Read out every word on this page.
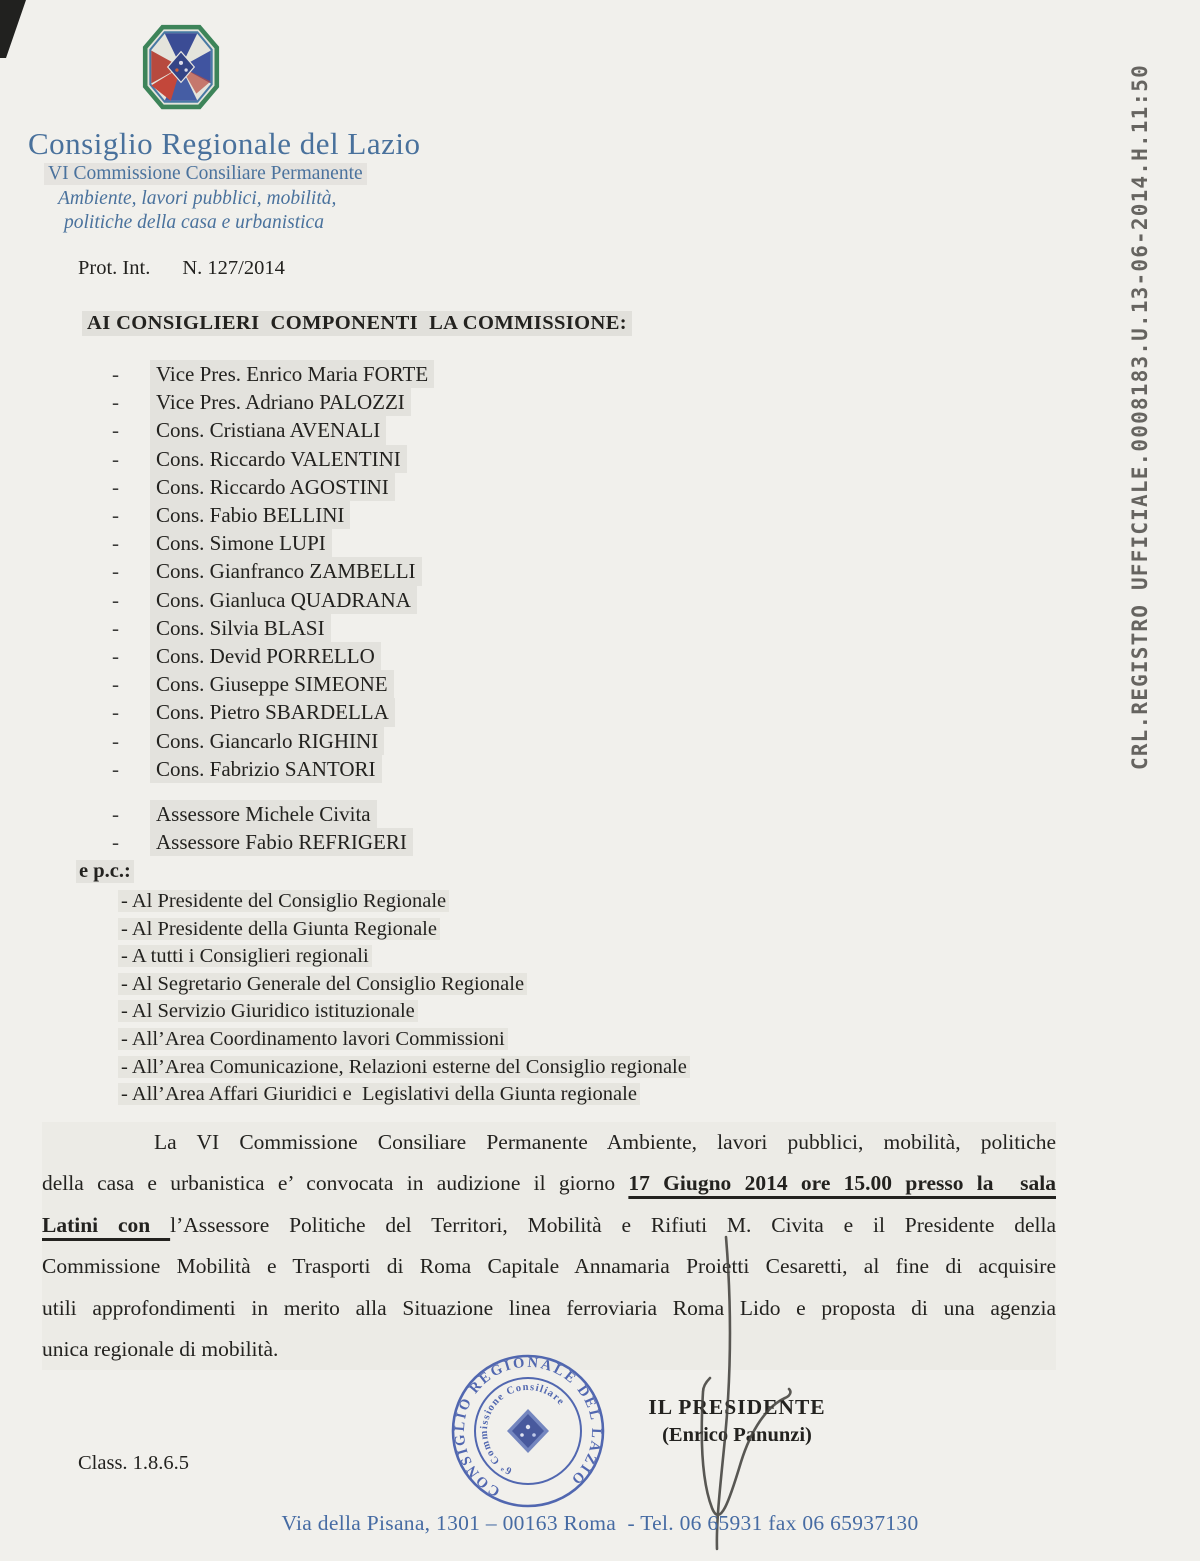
Consiglio Regionale del Lazio
VI Commissione Consiliare Permanente
Ambiente, lavori pubblici, mobilità,
politiche della casa e urbanistica
Prot. Int. N. 127/2014	CRL.REGISTRO UFFICIALE.0008183.U.13-06-2014.H.11:50
AI CONSIGLIERI  COMPONENTI  LA COMMISSIONE:
-	Vice Pres. Enrico Maria FORTE
-	Vice Pres. Adriano PALOZZI
-	Cons. Cristiana AVENALI
-	Cons. Riccardo VALENTINI
-	Cons. Riccardo AGOSTINI
-	Cons. Fabio BELLINI
-	Cons. Simone LUPI
-	Cons. Gianfranco ZAMBELLI
-	Cons. Gianluca QUADRANA
-	Cons. Silvia BLASI
-	Cons. Devid PORRELLO
-	Cons. Giuseppe SIMEONE
-	Cons. Pietro SBARDELLA
-	Cons. Giancarlo RIGHINI
-	Cons. Fabrizio SANTORI
-	Assessore Michele Civita
-	Assessore Fabio REFRIGERI
e p.c.:
- Al Presidente del Consiglio Regionale
- Al Presidente della Giunta Regionale
- A tutti i Consiglieri regionali
- Al Segretario Generale del Consiglio Regionale
- Al Servizio Giuridico istituzionale
- All’Area Coordinamento lavori Commissioni
- All’Area Comunicazione, Relazioni esterne del Consiglio regionale
- All’Area Affari Giuridici e  Legislativi della Giunta regionale
La VI Commissione Consiliare Permanente Ambiente, lavori pubblici, mobilità, politiche
della casa e urbanistica e’ convocata in audizione il giorno 17 Giugno 2014 ore 15.00 presso la  sala
Latini con l’Assessore Politiche del Territori, Mobilità e Rifiuti M. Civita e il Presidente della
Commissione Mobilità e Trasporti di Roma Capitale Annamaria Proietti Cesaretti, al fine di acquisire
utili approfondimenti in merito alla Situazione linea ferroviaria Roma Lido e proposta di una agenzia
unica regionale di mobilità.
CONSIGLIO REGIONALE DEL LAZIO
6ª Commissione Consiliare	IL PRESIDENTE
(Enrico Panunzi)
Class. 1.8.6.5
Via della Pisana, 1301 – 00163 Roma  - Tel. 06 65931 fax 06 65937130
